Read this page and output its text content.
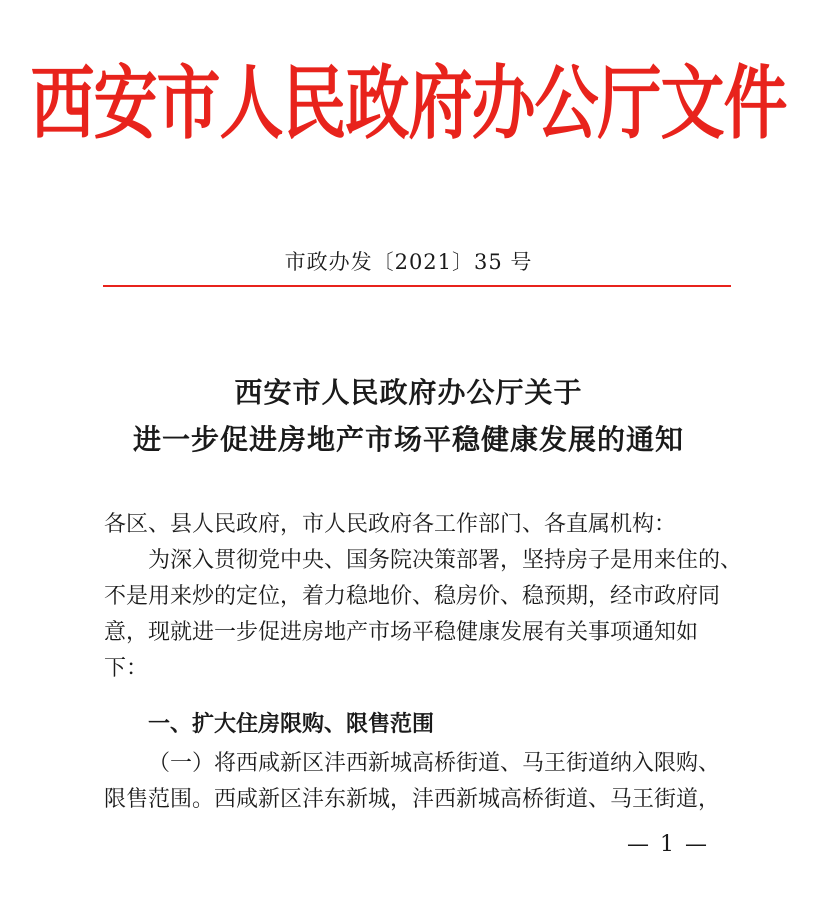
西安市人民政府办公厅文件
市政办发〔2021〕35 号
西安市人民政府办公厅关于
进一步促进房地产市场平稳健康发展的通知
各区、县人民政府，市人民政府各工作部门、各直属机构：
为深入贯彻党中央、国务院决策部署，坚持房子是用来住的、
不是用来炒的定位，着力稳地价、稳房价、稳预期，经市政府同
意，现就进一步促进房地产市场平稳健康发展有关事项通知如
下：
一、扩大住房限购、限售范围
（一）将西咸新区沣西新城高桥街道、马王街道纳入限购、
限售范围。西咸新区沣东新城，沣西新城高桥街道、马王街道，
— 1 —
